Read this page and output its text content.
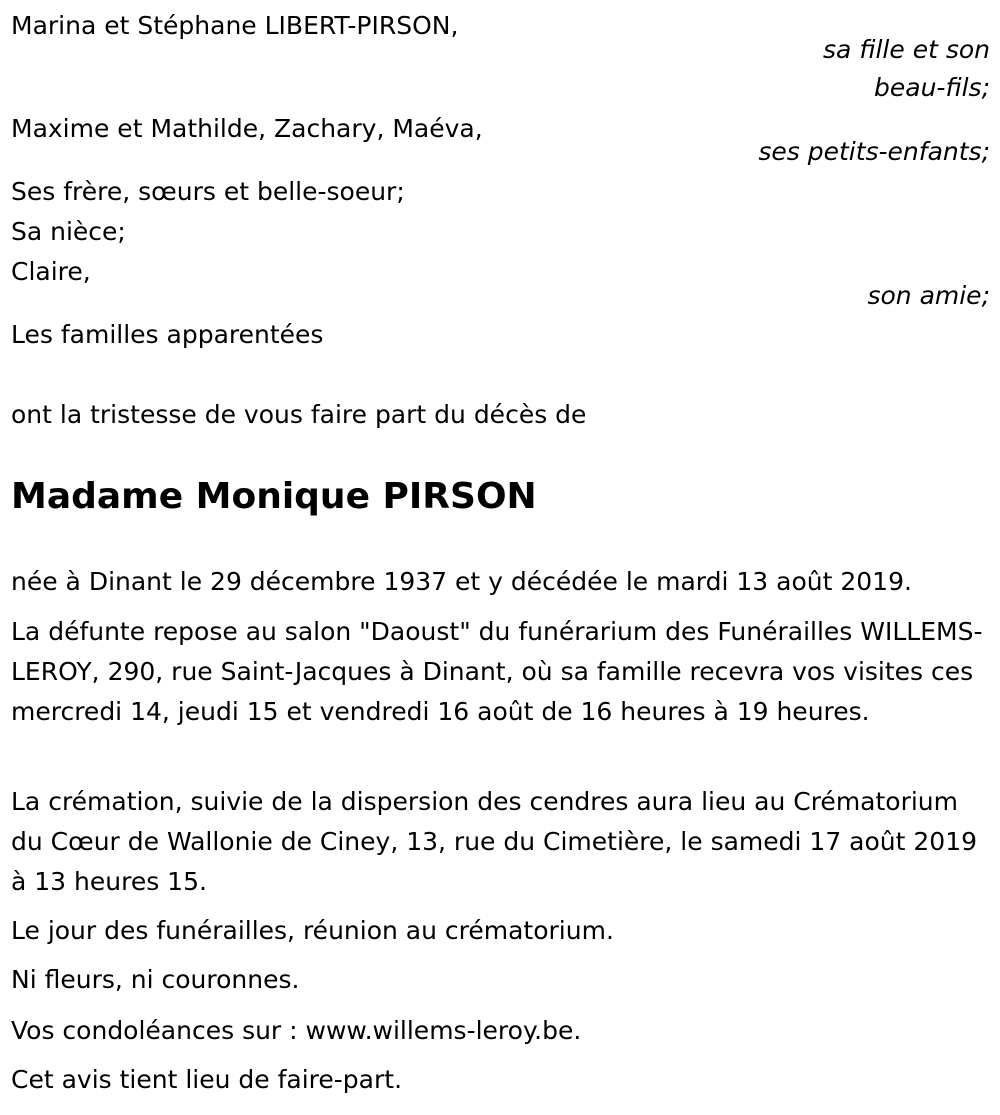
Marina et Stéphane LIBERT-PIRSON,

sa fille et son

beau-fils;

Maxime et Mathilde, Zachary, Maéva,

ses petits-enfants;

Ses frère, sœurs et belle-soeur;

Sa nièce;

Claire,

son amie;

Les familles apparentées

ont la tristesse de vous faire part du décès de

Madame Monique PIRSON

née à Dinant le 29 décembre 1937 et y décédée le mardi 13 août 2019.

La défunte repose au salon "Daoust" du funérarium des Funérailles WILLEMS-LEROY, 290, rue Saint-Jacques à Dinant, où sa famille recevra vos visites ces mercredi 14, jeudi 15 et vendredi 16 août de 16 heures à 19 heures.

La crémation, suivie de la dispersion des cendres aura lieu au Crématorium du Cœur de Wallonie de Ciney, 13, rue du Cimetière, le samedi 17 août 2019 à 13 heures 15.

Le jour des funérailles, réunion au crématorium.

Ni fleurs, ni couronnes.

Vos condoléances sur : www.willems-leroy.be.

Cet avis tient lieu de faire-part.
